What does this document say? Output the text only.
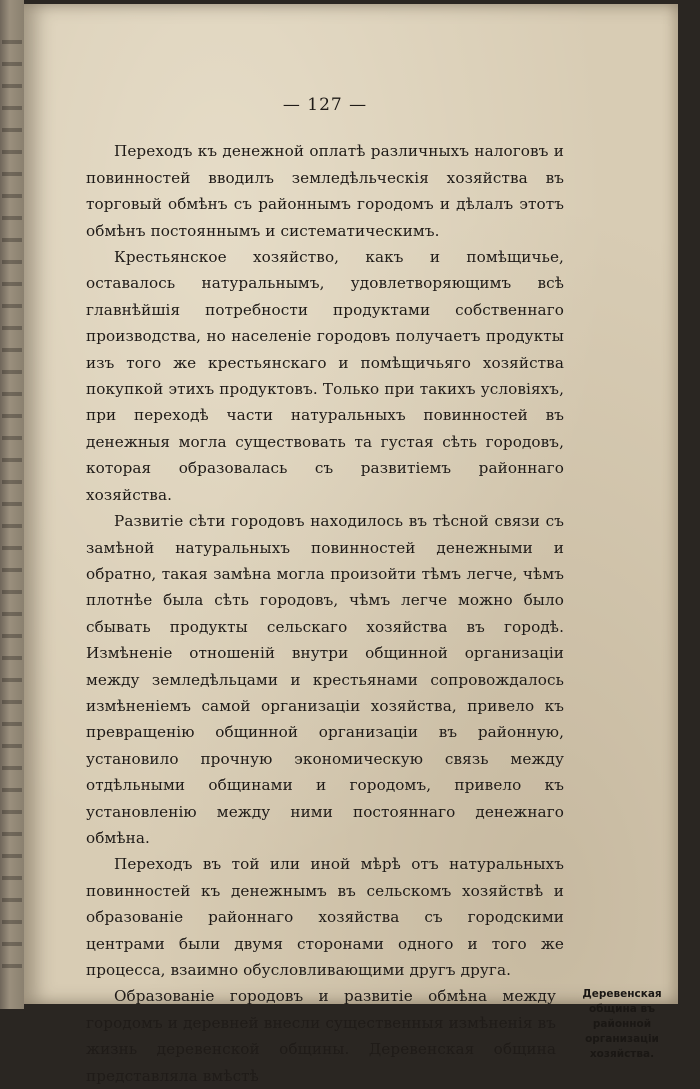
— 127 —

Переходъ къ денежной оплатѣ различныхъ налоговъ и повинностей вводилъ земледѣльческія хозяйства въ торговый обмѣнъ съ районнымъ городомъ и дѣлалъ этотъ обмѣнъ постояннымъ и систематическимъ.

Крестьянское хозяйство, какъ и помѣщичье, оставалось натуральнымъ, удовлетворяющимъ всѣ главнѣйшія потребности продуктами собственнаго производства, но населеніе городовъ получаетъ продукты изъ того же крестьянскаго и помѣщичьяго хозяйства покупкой этихъ продуктовъ. Только при такихъ условіяхъ, при переходѣ части натуральныхъ повинностей въ денежныя могла существовать та густая сѣть городовъ, которая образовалась съ развитіемъ районнаго хозяйства.

Развитіе сѣти городовъ находилось въ тѣсной связи съ замѣной натуральныхъ повинностей денежными и обратно, такая замѣна могла произойти тѣмъ легче, чѣмъ плотнѣе была сѣть городовъ, чѣмъ легче можно было сбывать продукты сельскаго хозяйства въ городѣ. Измѣненіе отношеній внутри общинной организаціи между земледѣльцами и крестьянами сопровождалось измѣненіемъ самой организаціи хозяйства, привело къ превращенію общинной организаціи въ районную, установило прочную экономическую связь между отдѣльными общинами и городомъ, привело къ установленію между ними постояннаго денежнаго обмѣна.

Переходъ въ той или иной мѣрѣ отъ натуральныхъ повинностей къ денежнымъ въ сельскомъ хозяйствѣ и образованіе районнаго хозяйства съ городскими центрами были двумя сторонами одного и того же процесса, взаимно обусловливающими другъ друга.

Деревенская община въ районной организаціи хозяйства.
Образованіе городовъ и развитіе обмѣна между городомъ и деревней внесли существенныя измѣненія въ жизнь деревенской общины. Деревенская община представляла вмѣстѣ
